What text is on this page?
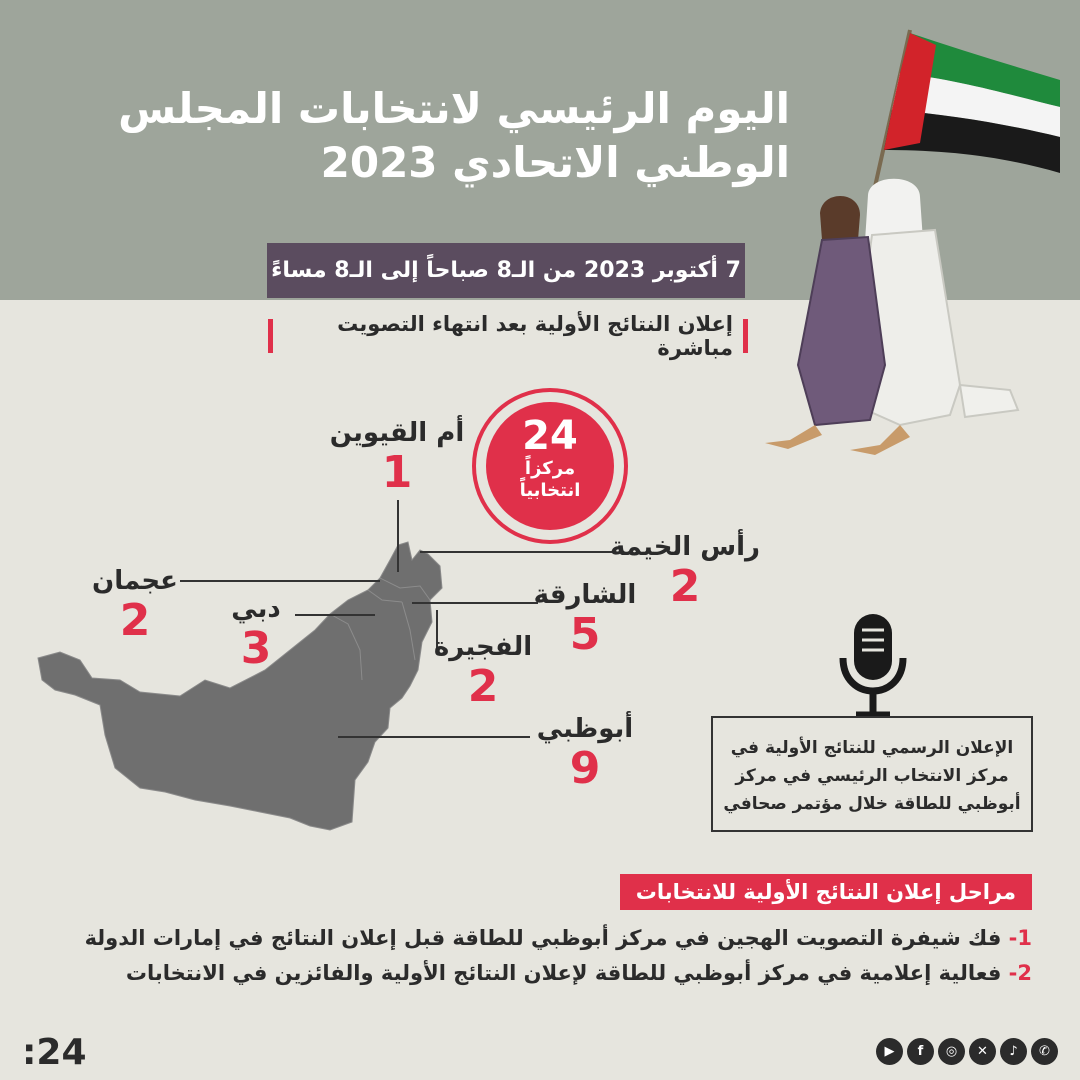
اليوم الرئيسي لانتخابات المجلس
الوطني الاتحادي 2023
7 أكتوبر 2023 من الـ8 صباحاً إلى الـ8 مساءً
إعلان النتائج الأولية بعد انتهاء التصويت مباشرة
24
مركزاً
انتخابياً
أم القيوين
1
رأس الخيمة
2
عجمان
2	دبي
3
الشارقة
5
الفجيرة
2
أبوظبي
9	الإعلان الرسمي للنتائج الأولية في
مركز الانتخاب الرئيسي في مركز
أبوظبي للطاقة خلال مؤتمر صحافي
مراحل إعلان النتائج الأولية للانتخابات
1- فك شيفرة التصويت الهجين في مركز أبوظبي للطاقة قبل إعلان النتائج في إمارات الدولة
2- فعالية إعلامية في مركز أبوظبي للطاقة لإعلان النتائج الأولية والفائزين في الانتخابات
:24	▶	f	◎	✕	♪	✆
